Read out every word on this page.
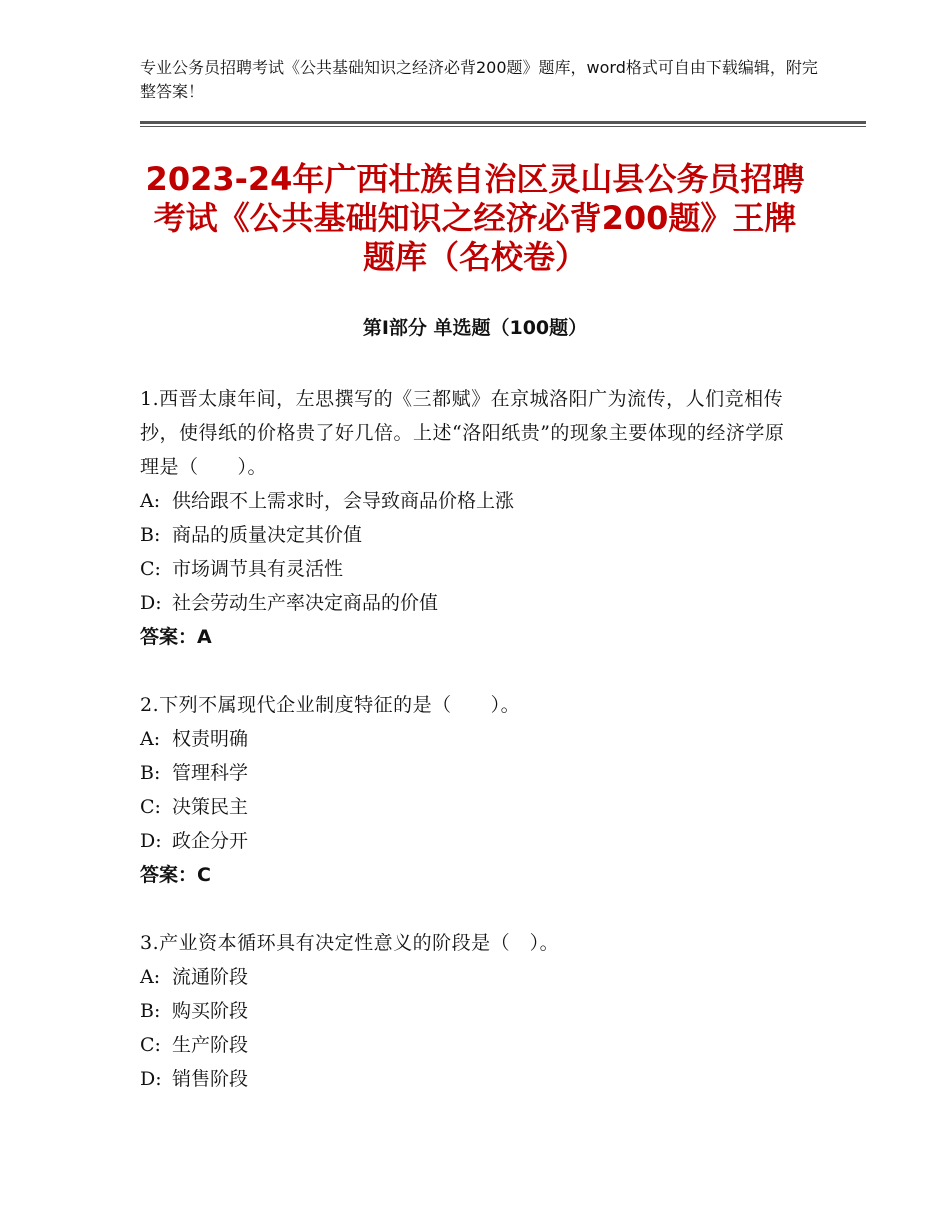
专业公务员招聘考试《公共基础知识之经济必背200题》题库，word格式可自由下载编辑，附完整答案！
2023-24年广西壮族自治区灵山县公务员招聘考试《公共基础知识之经济必背200题》王牌题库（名校卷）
第Ⅰ部分 单选题（100题）
1.西晋太康年间，左思撰写的《三都赋》在京城洛阳广为流传，人们竞相传抄，使得纸的价格贵了好几倍。上述“洛阳纸贵”的现象主要体现的经济学原理是（　　）。
A: 供给跟不上需求时，会导致商品价格上涨
B: 商品的质量决定其价值
C: 市场调节具有灵活性
D: 社会劳动生产率决定商品的价值
答案：A
2.下列不属现代企业制度特征的是（　　）。
A: 权责明确
B: 管理科学
C: 决策民主
D: 政企分开
答案：C
3.产业资本循环具有决定性意义的阶段是（　）。
A: 流通阶段
B: 购买阶段
C: 生产阶段
D: 销售阶段
